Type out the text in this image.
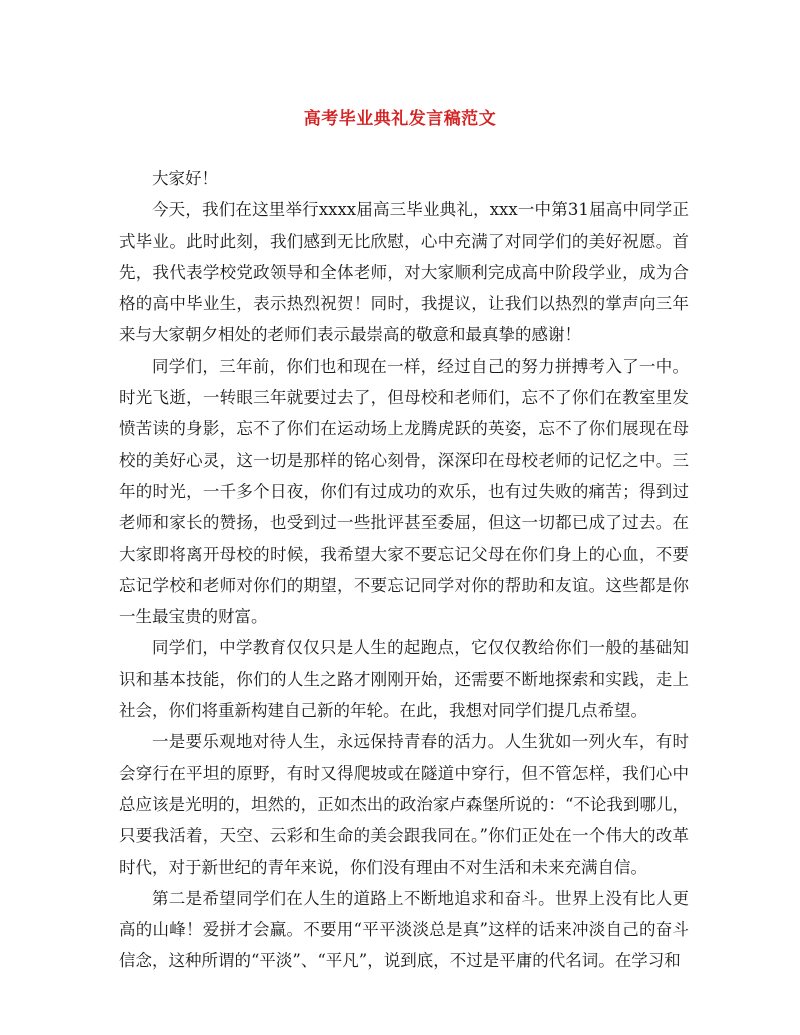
高考毕业典礼发言稿范文

大家好！

今天，我们在这里举行xxxx届高三毕业典礼，xxx一中第31届高中同学正式毕业。此时此刻，我们感到无比欣慰，心中充满了对同学们的美好祝愿。首先，我代表学校党政领导和全体老师，对大家顺利完成高中阶段学业，成为合格的高中毕业生，表示热烈祝贺！同时，我提议，让我们以热烈的掌声向三年来与大家朝夕相处的老师们表示最崇高的敬意和最真挚的感谢！

同学们，三年前，你们也和现在一样，经过自己的努力拼搏考入了一中。时光飞逝，一转眼三年就要过去了，但母校和老师们，忘不了你们在教室里发愤苦读的身影，忘不了你们在运动场上龙腾虎跃的英姿，忘不了你们展现在母校的美好心灵，这一切是那样的铭心刻骨，深深印在母校老师的记忆之中。三年的时光，一千多个日夜，你们有过成功的欢乐，也有过失败的痛苦；得到过老师和家长的赞扬，也受到过一些批评甚至委屈，但这一切都已成了过去。在大家即将离开母校的时候，我希望大家不要忘记父母在你们身上的心血，不要忘记学校和老师对你们的期望，不要忘记同学对你的帮助和友谊。这些都是你一生最宝贵的财富。

同学们，中学教育仅仅只是人生的起跑点，它仅仅教给你们一般的基础知识和基本技能，你们的人生之路才刚刚开始，还需要不断地探索和实践，走上社会，你们将重新构建自己新的年轮。在此，我想对同学们提几点希望。

一是要乐观地对待人生，永远保持青春的活力。人生犹如一列火车，有时会穿行在平坦的原野，有时又得爬坡或在隧道中穿行，但不管怎样，我们心中总应该是光明的，坦然的，正如杰出的政治家卢森堡所说的：“不论我到哪儿，只要我活着，天空、云彩和生命的美会跟我同在。”你们正处在一个伟大的改革时代，对于新世纪的青年来说，你们没有理由不对生活和未来充满自信。

第二是希望同学们在人生的道路上不断地追求和奋斗。世界上没有比人更高的山峰！爱拼才会赢。不要用“平平淡淡总是真”这样的话来冲淡自己的奋斗信念，这种所谓的“平淡”、“平凡”，说到底，不过是平庸的代名词。在学习和
